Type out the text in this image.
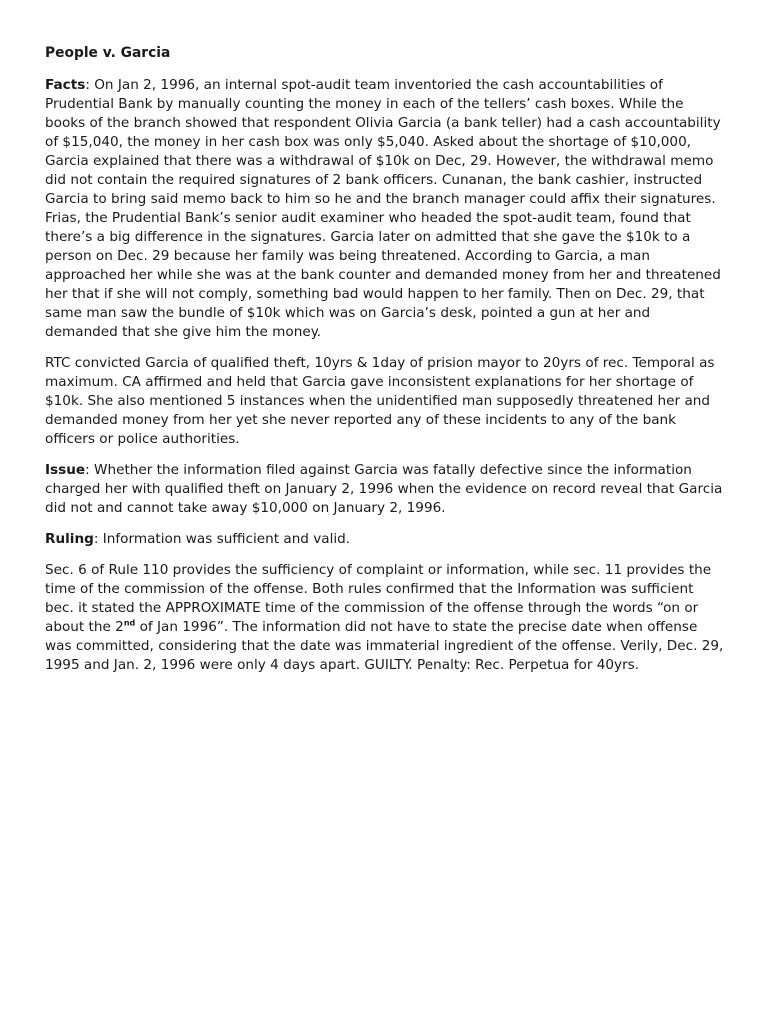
People v. Garcia

Facts: On Jan 2, 1996, an internal spot-audit team inventoried the cash accountabilities of Prudential Bank by manually counting the money in each of the tellers’ cash boxes. While the books of the branch showed that respondent Olivia Garcia (a bank teller) had a cash accountability of $15,040, the money in her cash box was only $5,040. Asked about the shortage of $10,000, Garcia explained that there was a withdrawal of $10k on Dec, 29. However, the withdrawal memo did not contain the required signatures of 2 bank officers. Cunanan, the bank cashier, instructed Garcia to bring said memo back to him so he and the branch manager could affix their signatures. Frias, the Prudential Bank’s senior audit examiner who headed the spot-audit team, found that there’s a big difference in the signatures. Garcia later on admitted that she gave the $10k to a person on Dec. 29 because her family was being threatened. According to Garcia, a man approached her while she was at the bank counter and demanded money from her and threatened her that if she will not comply, something bad would happen to her family. Then on Dec. 29, that same man saw the bundle of $10k which was on Garcia’s desk, pointed a gun at her and demanded that she give him the money.

RTC convicted Garcia of qualified theft, 10yrs & 1day of prision mayor to 20yrs of rec. Temporal as maximum. CA affirmed and held that Garcia gave inconsistent explanations for her shortage of $10k. She also mentioned 5 instances when the unidentified man supposedly threatened her and demanded money from her yet she never reported any of these incidents to any of the bank officers or police authorities.

Issue: Whether the information filed against Garcia was fatally defective since the information charged her with qualified theft on January 2, 1996 when the evidence on record reveal that Garcia did not and cannot take away $10,000 on January 2, 1996.

Ruling: Information was sufficient and valid.

Sec. 6 of Rule 110 provides the sufficiency of complaint or information, while sec. 11 provides the time of the commission of the offense. Both rules confirmed that the Information was sufficient bec. it stated the APPROXIMATE time of the commission of the offense through the words “on or about the 2nd of Jan 1996”. The information did not have to state the precise date when offense was committed, considering that the date was immaterial ingredient of the offense. Verily, Dec. 29, 1995 and Jan. 2, 1996 were only 4 days apart. GUILTY. Penalty: Rec. Perpetua for 40yrs.
